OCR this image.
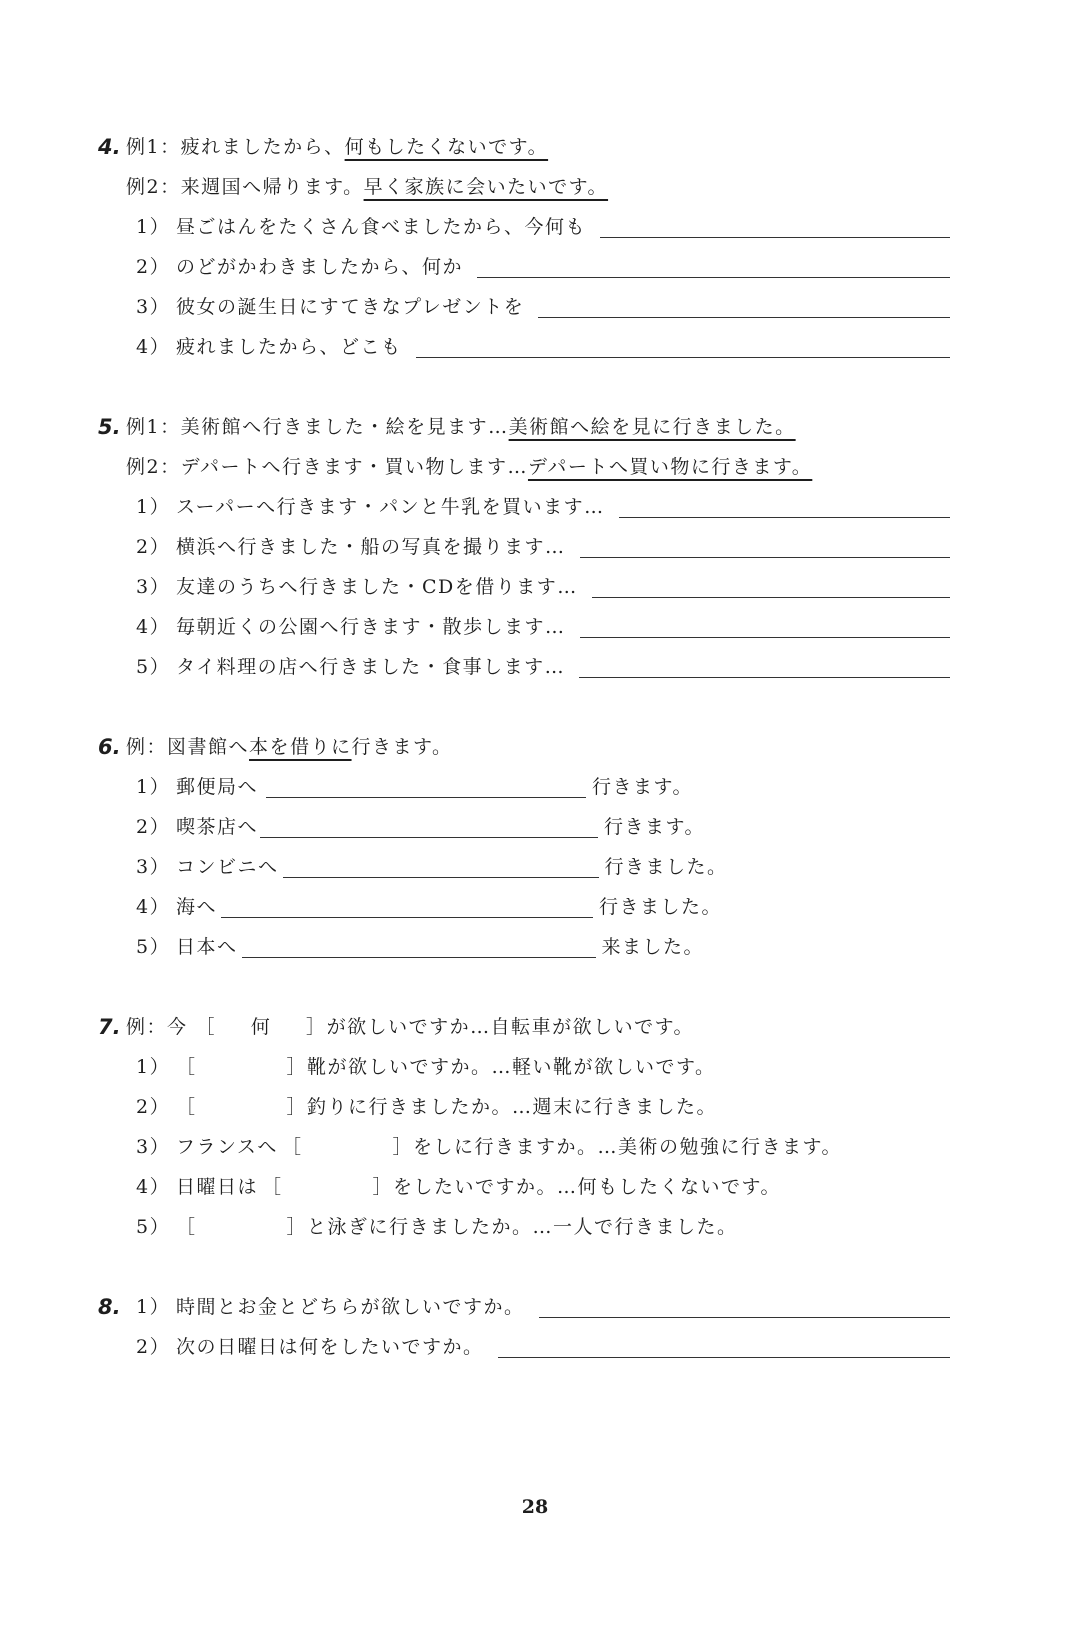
4. 例1： 疲れましたから、 何もしたくないです。
例2： 来週国へ帰ります。 早く家族に会いたいです。
1） 昼ごはんをたくさん食べましたから、今何も
2） のどがかわきましたから、何か
3） 彼女の誕生日にすてきなプレゼントを
4） 疲れましたから、どこも
5. 例1： 美術館へ行きました・絵を見ます… 美術館へ絵を見に行きました。
例2： デパートへ行きます・買い物します… デパートへ買い物に行きます。
1） スーパーへ行きます・パンと牛乳を買います…
2） 横浜へ行きました・船の写真を撮ります…
3） 友達のうちへ行きました・CDを借ります…
4） 毎朝近くの公園へ行きます・散歩します…
5） タイ料理の店へ行きました・食事します…
6. 例： 図書館へ 本を借りに 行きます。
1） 郵便局へ	行きます。
2） 喫茶店へ	行きます。
3） コンビニへ	行きました。
4） 海へ	行きました。
5） 日本へ	来ました。
7. 例： 今 ［	何	］ が欲しいですか…自転車が欲しいです。
1） ［	］ 靴が欲しいですか。…軽い靴が欲しいです。
2） ［	］ 釣りに行きましたか。…週末に行きました。
3） フランスへ ［	］ をしに行きますか。…美術の勉強に行きます。
4） 日曜日は ［	］ をしたいですか。…何もしたくないです。
5） ［	］ と泳ぎに行きましたか。…一人で行きました。
8. 1） 時間とお金とどちらが欲しいですか。
2） 次の日曜日は何をしたいですか。
28
